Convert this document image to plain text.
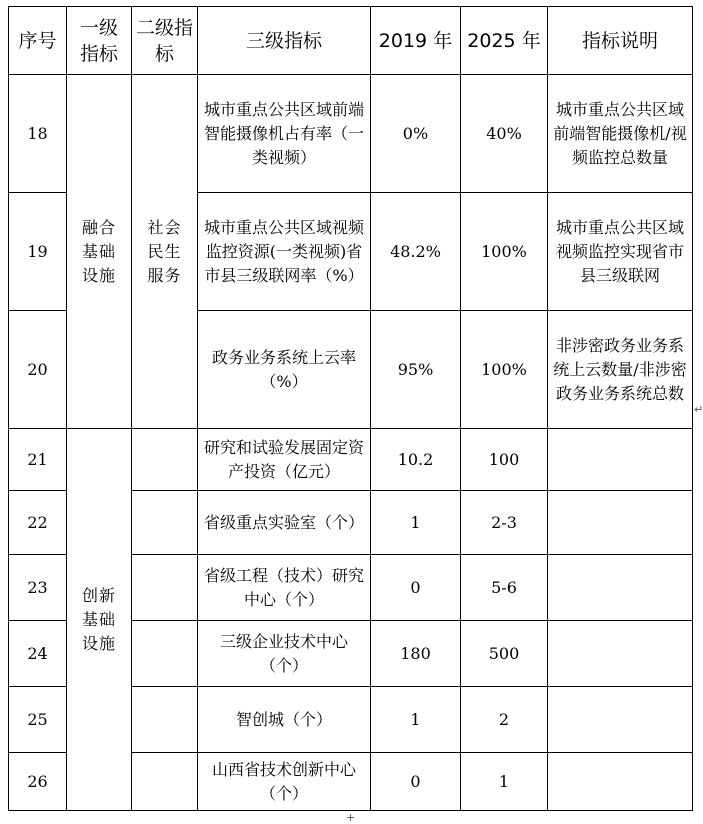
序号	一级指标	二级指标	三级指标	2019 年	2025 年	指标说明
18	融合基础设施	社会民生服务	城市重点公共区域前端智能摄像机占有率（一类视频）	0%	40%	城市重点公共区域前端智能摄像机/视频监控总数量
19			城市重点公共区域视频监控资源(一类视频)省市县三级联网率（%）	48.2%	100%	城市重点公共区域视频监控实现省市县三级联网
20			政务业务系统上云率（%）	95%	100%	非涉密政务业务系统上云数量/非涉密政务业务系统总数
21	创新基础设施		研究和试验发展固定资产投资（亿元）	10.2	100	
22			省级重点实验室（个）	1	2-3	
23			省级工程（技术）研究中心（个）	0	5-6	
24			三级企业技术中心（个）	180	500	
25			智创城（个）	1	2	
26			山西省技术创新中心（个）	0	1	
↵
+
